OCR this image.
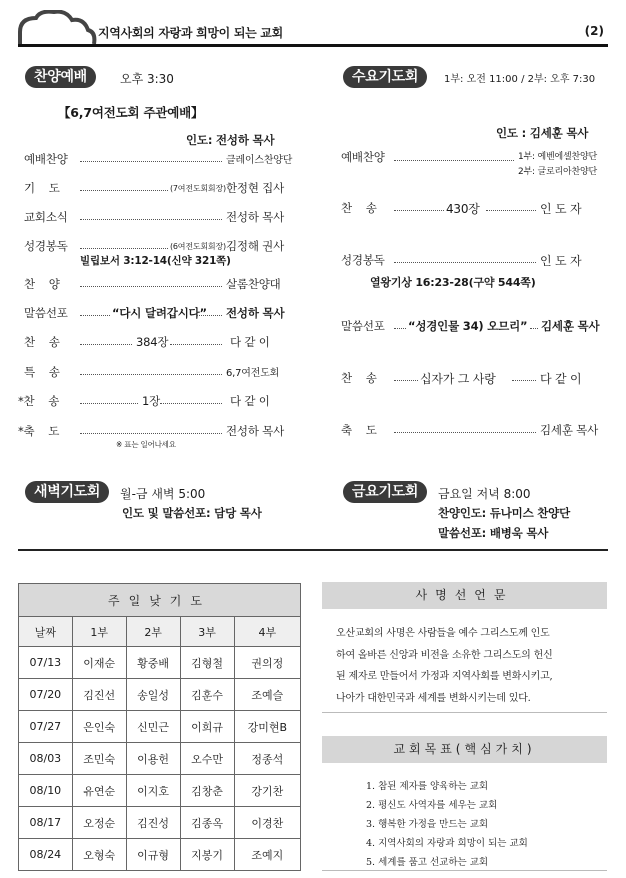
지역사회의 자랑과 희망이 되는 교회	(2)
찬양예배	오후 3:30
【6,7여전도회 주관예배】
인도: 전성하 목사
예배찬양	클레이스찬양단
기    도	(7여전도회회장) 한정현 집사
교회소식	전성하 목사
성경봉독	(6여전도회회장) 김정해 권사
빌립보서 3:12-14(신약 321쪽)
찬    양	살롬찬양대
말씀선포	“다시 달려갑시다” 전성하 목사
찬    송	384장	다 같 이
특    송	6,7여전도회
*찬    송	1장	다 같 이
*축    도	전성하 목사
※ 표는 일어나세요
수요기도회	1부: 오전 11:00 / 2부: 오후 7:30
인도 : 김세훈 목사
예배찬양	1부: 예벤에셀찬양단
2부: 글로리아찬양단
찬    송	430장	인 도 자
성경봉독	인 도 자
열왕기상 16:23-28(구약 544쪽)
말씀선포 “성경인물 34) 오므리” 김세훈 목사
찬    송	십자가 그 사랑	다 같 이
축    도	김세훈 목사
새벽기도회	월-금 새벽 5:00
인도 및 말씀선포: 담당 목사
금요기도회	금요일 저녁 8:00
찬양인도: 듀나미스 찬양단
말씀선포: 배병욱 목사
주일낮기도				
날짜	1부	2부	3부	4부
07/13	이재순	황중배	김형철	권의정
07/20	김진선	송일성	김훈수	조예슬
07/27	은인숙	신민근	이희규	강미현B
08/03	조민숙	이용헌	오수만	정종석
08/10	유연순	이지호	김창춘	강기찬
08/17	오정순	김진성	김종옥	이경찬
08/24	오형숙	이규형	지봉기	조예지
사명선언문
오산교회의 사명은 사람들을 예수 그리스도께 인도
하여 올바른 신앙과 비전을 소유한 그리스도의 헌신
된 제자로 만들어서 가정과 지역사회를 변화시키고,
나아가 대한민국과 세계를 변화시키는데 있다.
교회목표(핵심가치)
1. 참된 제자를 양육하는 교회
2. 평신도 사역자를 세우는 교회
3. 행복한 가정을 만드는 교회
4. 지역사회의 자랑과 희망이 되는 교회
5. 세계를 품고 선교하는 교회
